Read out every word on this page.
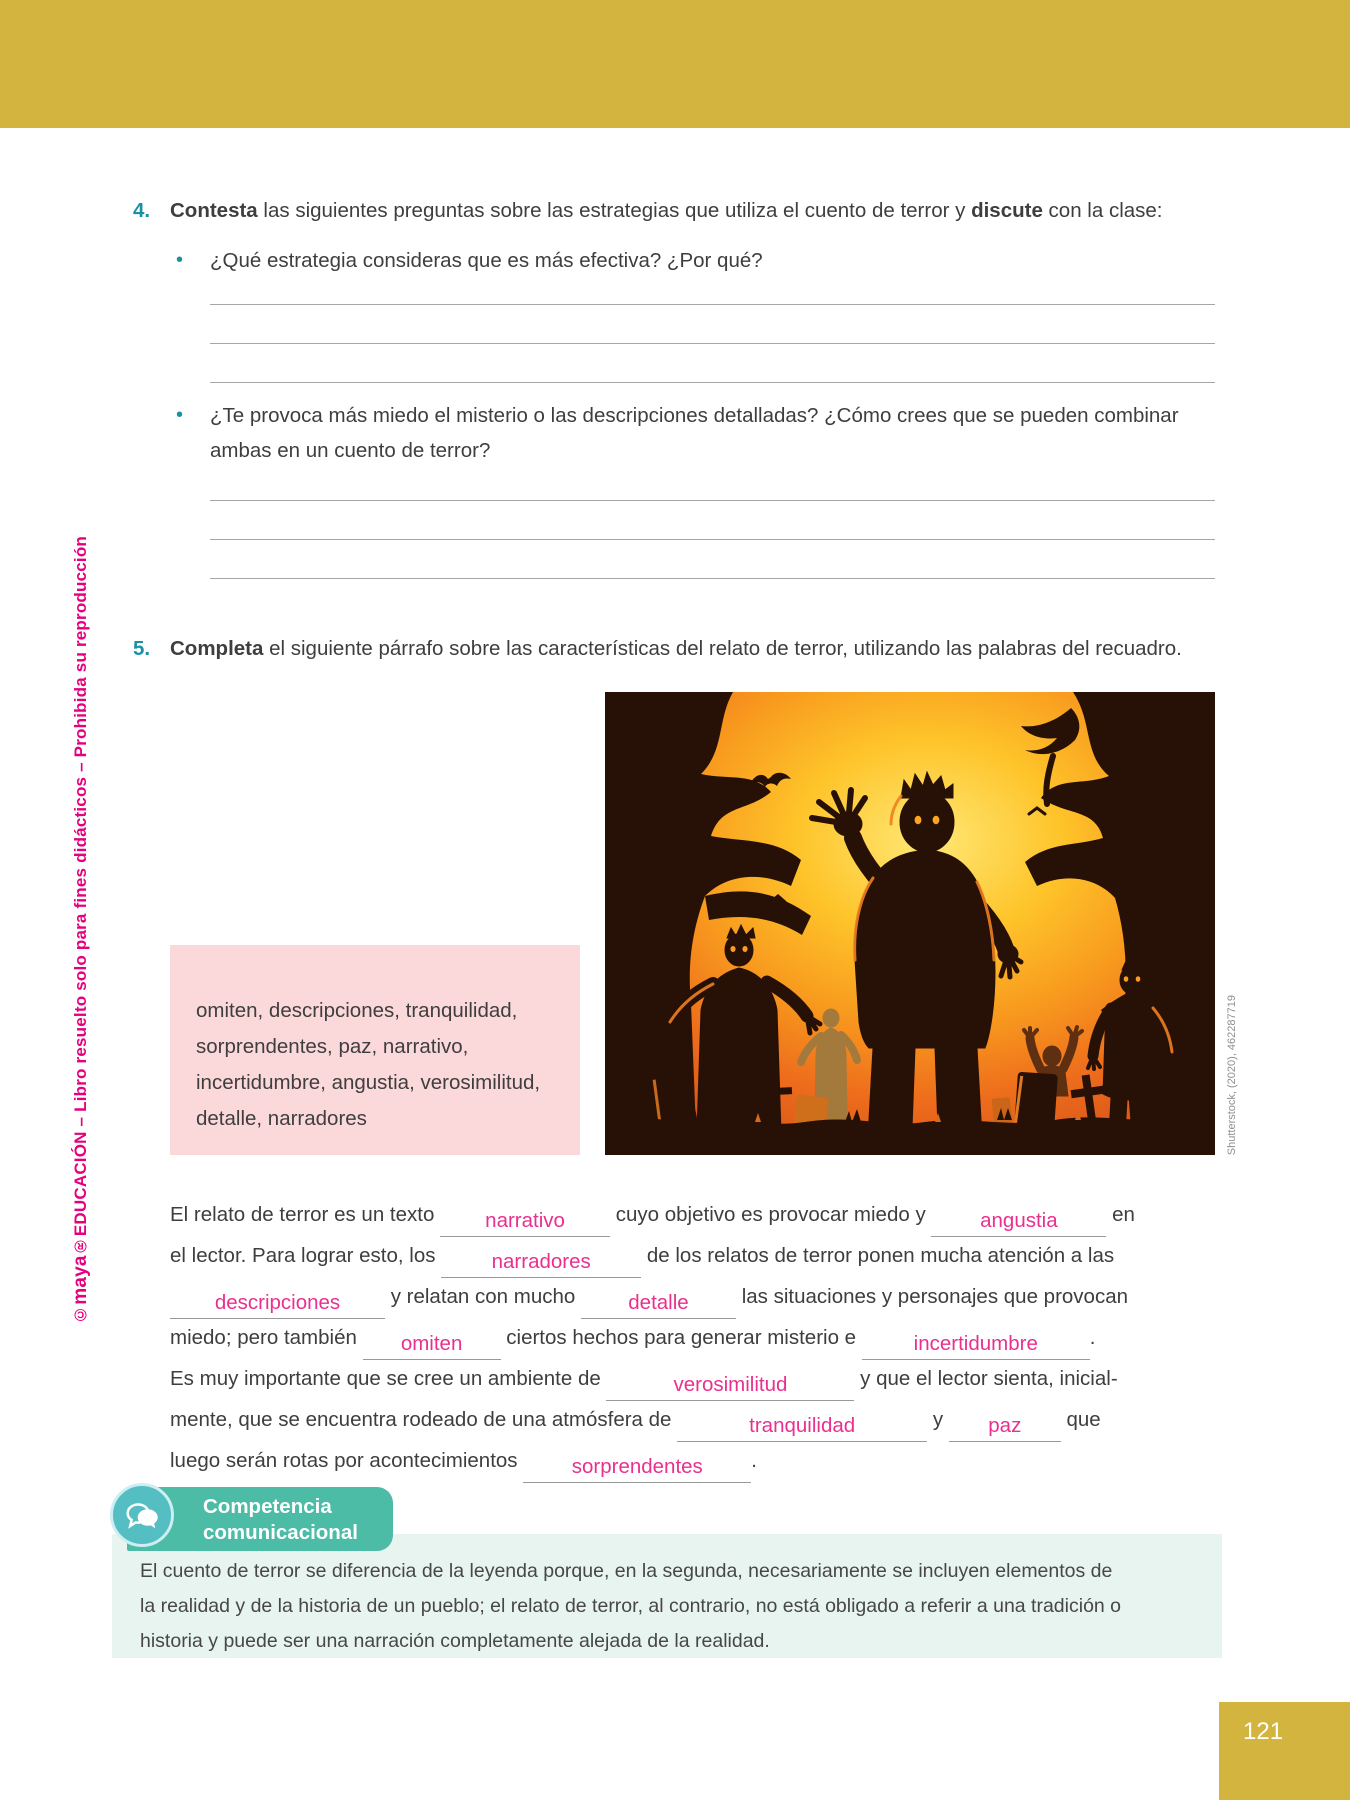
©maya®EDUCACIÓN – Libro resuelto solo para fines didácticos – Prohibida su reproducción
4. Contesta las siguientes preguntas sobre las estrategias que utiliza el cuento de terror y discute con la clase:
•	¿Qué estrategia consideras que es más efectiva? ¿Por qué?
•	¿Te provoca más miedo el misterio o las descripciones detalladas? ¿Cómo crees que se pueden combinar ambas en un cuento de terror?
5. Completa el siguiente párrafo sobre las características del relato de terror, utilizando las palabras del recuadro.
omiten, descripciones, tranquilidad, sorprendentes, paz, narrativo, incertidumbre, angustia, verosimilitud, detalle, narradores	Shutterstock, (2020), 462287719
El relato de terror es un texto narrativo cuyo objetivo es provocar miedo y angustia en
el lector. Para lograr esto, los narradores de los relatos de terror ponen mucha atención a las
descripciones y relatan con mucho detalle las situaciones y personajes que provocan
miedo; pero también omiten ciertos hechos para generar misterio e	incertidumbre	.
Es muy importante que se cree un ambiente de	verosimilitud	y que el lector sienta, inicial-
mente, que se encuentra rodeado de una atmósfera de	tranquilidad	y paz que
luego serán rotas por acontecimientos sorprendentes .
Competencia
comunicacional
El cuento de terror se diferencia de la leyenda porque, en la segunda, necesariamente se incluyen elementos de
la realidad y de la historia de un pueblo; el relato de terror, al contrario, no está obligado a referir a una tradición o
historia y puede ser una narración completamente alejada de la realidad.
121
